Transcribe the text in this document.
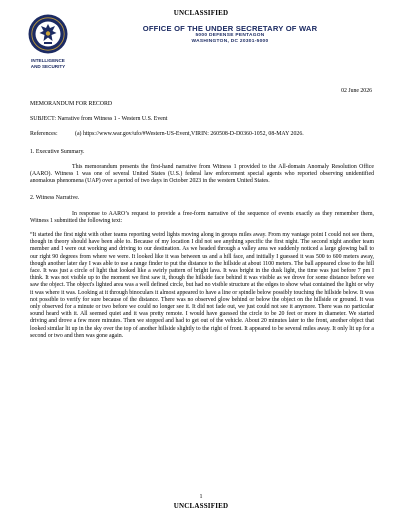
UNCLASSIFIED
INTELLIGENCE
AND SECURITY
OFFICE OF THE UNDER SECRETARY OF WAR
5000 DEFENSE PENTAGON
WASHINGTON, DC 20301-5000
02 June 2026

MEMORANDUM FOR RECORD

SUBJECT: Narrative from Witness 1 - Western U.S. Event

References:	(a) https://www.war.gov/ufo/#Western-US-Event,VIRIN: 260508-D-D0360-1052, 08-MAY 2026.

1. Executive Summary.

This memorandum presents the first-hand narrative from Witness 1 provided to the All-domain Anomaly Resolution Office (AARO). Witness 1 was one of several United States (U.S.) federal law enforcement special agents who reported observing unidentified anomalous phenomena (UAP) over a period of two days in October 2023 in the western United States.

2. Witness Narrative.

In response to AARO’s request to provide a free-form narrative of the sequence of events exactly as they remember them, Witness 1 submitted the following text:

“It started the first night with other teams reporting weird lights moving along in groups miles away. From my vantage point I could not see them, though in theory should have been able to. Because of my location I did not see anything specific the first night. The second night another team member and I were out working and driving to our destination. As we headed through a valley area we suddenly noticed a large glowing ball to our right 90 degrees from where we were. It looked like it was between us and a hill face, and initially I guessed it was 500 to 600 meters away, though another later day I was able to use a range finder to put the distance to the hillside at about 1100 meters. The ball appeared close to the hill face. It was just a circle of light that looked like a swirly pattern of bright lava. It was bright in the dusk light, the time was just before 7 pm I think. It was not visible up to the moment we first saw it, though the hillside face behind it was visible as we drove for some distance before we saw the object. The object's lighted area was a well defined circle, but had no visible structure at the edges to show what contained the light or why it was where it was. Looking at it through binoculars it almost appeared to have a line or spindle below possibly touching the hillside below. It was not possible to verify for sure because of the distance. There was no observed glow behind or below the object on the hillside or ground. It was only observed for a minute or two before we could no longer see it. It did not fade out, we just could not see it anymore. There was no particular sound heard with it. All seemed quiet and it was pretty remote. I would have guessed the circle to be 20 feet or more in diameter. We started driving and drove a few more minutes. Then we stopped and had to get out of the vehicle. About 20 minutes later to the front, another object that looked similar lit up in the sky over the top of another hillside slightly to the right of front. It appeared to be several miles away. It only lit up for a second or two and then was gone again.

1
UNCLASSIFIED
